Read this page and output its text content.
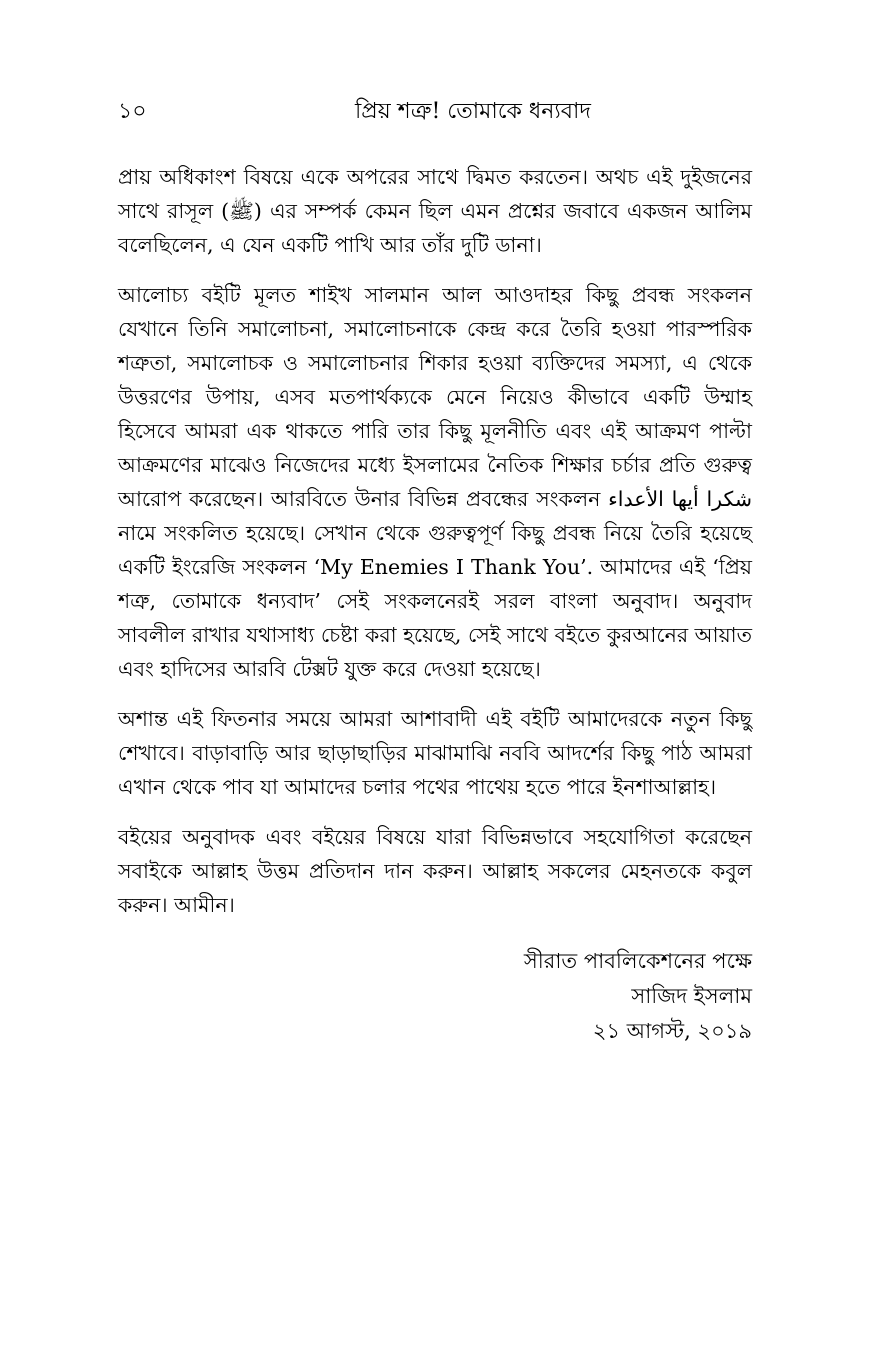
১০	প্রিয় শত্রু! তোমাকে ধন্যবাদ

প্রায় অধিকাংশ বিষয়ে একে অপরের সাথে দ্বিমত করতেন। অথচ এই দুইজনের সাথে রাসূল (ﷺ) এর সম্পর্ক কেমন ছিল এমন প্রশ্নের জবাবে একজন আলিম বলেছিলেন, এ যেন একটি পাখি আর তাঁর দুটি ডানা।

আলোচ্য বইটি মূলত শাইখ সালমান আল আওদাহর কিছু প্রবন্ধ সংকলন যেখানে তিনি সমালোচনা, সমালোচনাকে কেন্দ্র করে তৈরি হওয়া পারস্পরিক শত্রুতা, সমালোচক ও সমালোচনার শিকার হওয়া ব্যক্তিদের সমস্যা, এ থেকে উত্তরণের উপায়, এসব মতপার্থক্যকে মেনে নিয়েও কীভাবে একটি উম্মাহ হিসেবে আমরা এক থাকতে পারি তার কিছু মূলনীতি এবং এই আক্রমণ পাল্টা আক্রমণের মাঝেও নিজেদের মধ্যে ইসলামের নৈতিক শিক্ষার চর্চার প্রতি গুরুত্ব আরোপ করেছেন। আরবিতে উনার বিভিন্ন প্রবন্ধের সংকলন شكرا أيها الأعداء নামে সংকলিত হয়েছে। সেখান থেকে গুরুত্বপূর্ণ কিছু প্রবন্ধ নিয়ে তৈরি হয়েছে একটি ইংরেজি সংকলন ‘My Enemies I Thank You’. আমাদের এই ‘প্রিয় শত্রু, তোমাকে ধন্যবাদ’ সেই সংকলনেরই সরল বাংলা অনুবাদ। অনুবাদ সাবলীল রাখার যথাসাধ্য চেষ্টা করা হয়েছে, সেই সাথে বইতে কুরআনের আয়াত এবং হাদিসের আরবি টেক্সট যুক্ত করে দেওয়া হয়েছে।

অশান্ত এই ফিতনার সময়ে আমরা আশাবাদী এই বইটি আমাদেরকে নতুন কিছু শেখাবে। বাড়াবাড়ি আর ছাড়াছাড়ির মাঝামাঝি নববি আদর্শের কিছু পাঠ আমরা এখান থেকে পাব যা আমাদের চলার পথের পাথেয় হতে পারে ইনশাআল্লাহ।

বইয়ের অনুবাদক এবং বইয়ের বিষয়ে যারা বিভিন্নভাবে সহযোগিতা করেছেন সবাইকে আল্লাহ উত্তম প্রতিদান দান করুন। আল্লাহ সকলের মেহনতকে কবুল করুন। আমীন।

সীরাত পাবলিকেশনের পক্ষে
সাজিদ ইসলাম
২১ আগস্ট, ২০১৯
